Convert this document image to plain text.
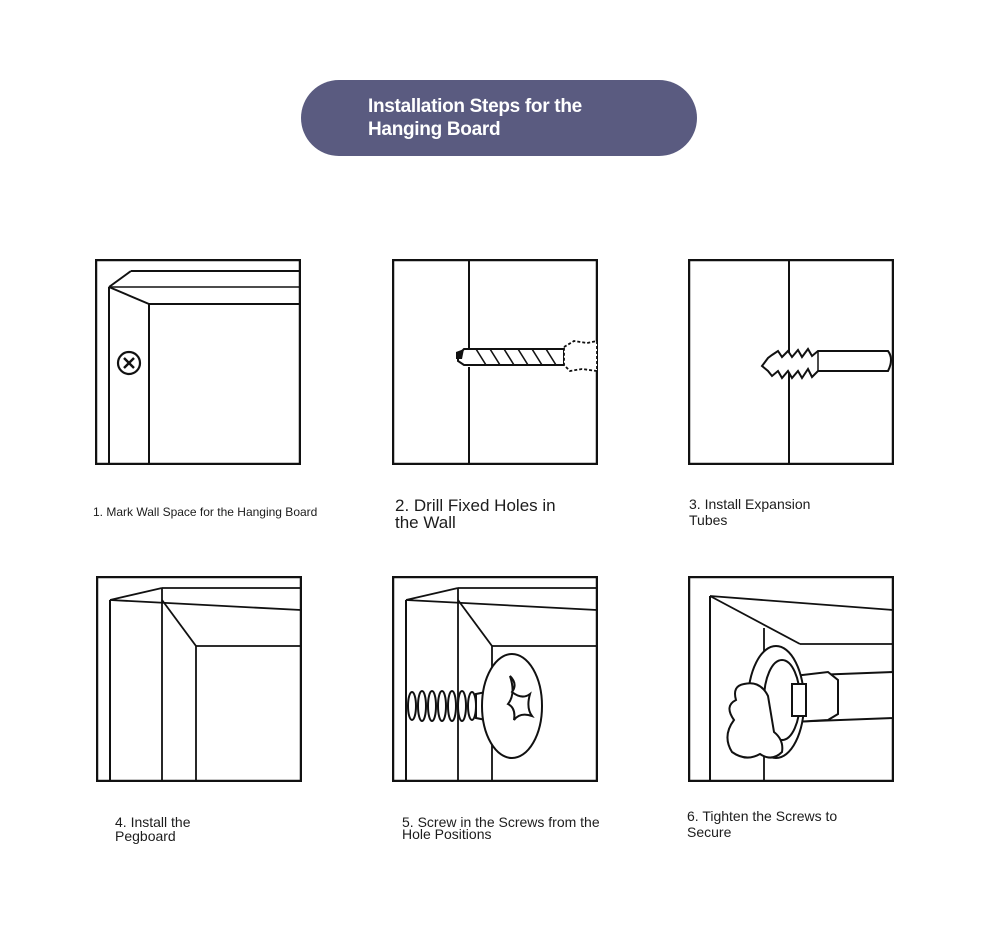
Installation Steps for the Hanging Board
1. Mark Wall Space for the Hanging Board	2. Drill Fixed Holes in the Wall
3. Install Expansion Tubes
4. Install the Pegboard
5. Screw in the Screws from the Hole Positions
6. Tighten the Screws to Secure
